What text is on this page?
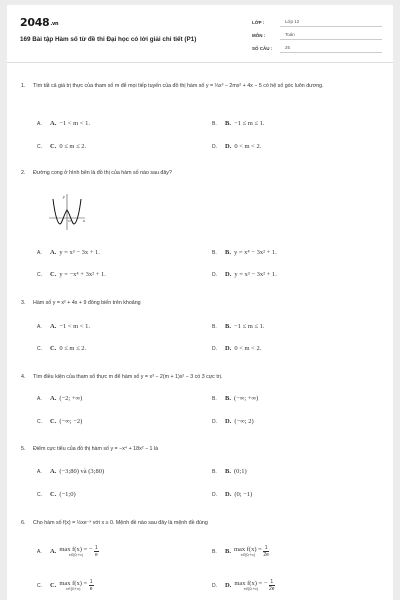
2048.vn
169 Bài tập Hàm số từ đề thi Đại học có lời giải chi tiết (P1)
LỚP :	Lớp 12
MÔN :	Toán
SỐ CÂU :	25
1. Tìm tất cả giá trị thực của tham số m để mọi tiếp tuyến của đồ thị hàm số y = ⅓x³ − 2mx² + 4x − 5 có hệ số góc luôn dương.
A. A. −1 < m < 1.	B. B. −1 ≤ m ≤ 1.
C. C. 0 ≤ m ≤ 2.	D. D. 0 < m < 2.
2. Đường cong ở hình bên là đồ thị của hàm số nào sau đây?
y
x
O
A. A. y = x³ − 3x + 1.	B. B. y = x⁴ − 3x² + 1.
C. C. y = −x⁴ + 3x² + 1.	D. D. y = x³ − 3x² + 1.
3. Hàm số y = x² + 4x + 9 đồng biến trên khoảng
A. A. −1 < m < 1.	B. B. −1 ≤ m ≤ 1.
C. C. 0 ≤ m ≤ 2.	D. D. 0 < m < 2.
4. Tìm điều kiện của tham số thực m để hàm số y = x³ − 2(m + 1)x² − 3 có 3 cực trị.
A. A. (−2; +∞)	B. B. (−∞; +∞)
C. C. (−∞; −2)	D. D. (−∞; 2)
5. Điểm cực tiểu của đồ thị hàm số y = −x⁴ + 18x² − 1 là
A. A. (−3;80) và (3;80)	B. B. (0;1)
C. C. (−1;0)	D. D. (0; −1)
6. Cho hàm số f(x) = ½xe⁻ˣ với x ≥ 0. Mệnh đề nào sau đây là mệnh đề đúng
A. A. max f(x) = −
x∈[0;+∞)
	$\frac{1}{e}$	B. B. max f(x) =
x∈[0;+∞)
	$\frac{1}{2e}$
C. C. max f(x) =
x∈[0;+∞)
	$\frac{1}{e}$	D. D. max f(x) = −
x∈[0;+∞)
	$\frac{1}{2e}$
